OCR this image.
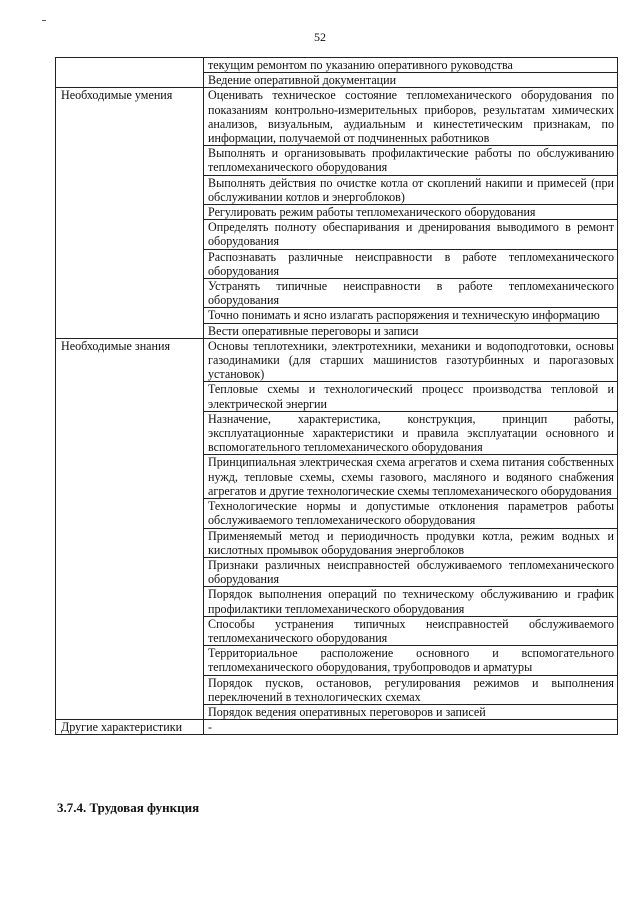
52
	текущим ремонтом по указанию оперативного руководства
	Ведение оперативной документации
Необходимые умения	Оценивать техническое состояние тепломеханического оборудования по показаниям контрольно-измерительных приборов, результатам химических анализов, визуальным, аудиальным и кинестетическим признакам, по информации, получаемой от подчиненных работников
	Выполнять и организовывать профилактические работы по обслуживанию тепломеханического оборудования
	Выполнять действия по очистке котла от скоплений накипи и примесей (при обслуживании котлов и энергоблоков)
	Регулировать режим работы тепломеханического оборудования
	Определять полноту обеспаривания и дренирования выводимого в ремонт оборудования
	Распознавать различные неисправности в работе тепломеханического оборудования
	Устранять типичные неисправности в работе тепломеханического оборудования
	Точно понимать и ясно излагать распоряжения и техническую информацию
	Вести оперативные переговоры и записи
Необходимые знания	Основы теплотехники, электротехники, механики и водоподготовки, основы газодинамики (для старших машинистов газотурбинных и парогазовых установок)
	Тепловые схемы и технологический процесс производства тепловой и электрической энергии
	Назначение, характеристика, конструкция, принцип работы, эксплуатационные характеристики и правила эксплуатации основного и вспомогательного тепломеханического оборудования
	Принципиальная электрическая схема агрегатов и схема питания собственных нужд, тепловые схемы, схемы газового, масляного и водяного снабжения агрегатов и другие технологические схемы тепломеханического оборудования
	Технологические нормы и допустимые отклонения параметров работы обслуживаемого тепломеханического оборудования
	Применяемый метод и периодичность продувки котла, режим водных и кислотных промывок оборудования энергоблоков
	Признаки различных неисправностей обслуживаемого тепломеханического оборудования
	Порядок выполнения операций по техническому обслуживанию и график профилактики тепломеханического оборудования
	Способы устранения типичных неисправностей обслуживаемого тепломеханического оборудования
	Территориальное расположение основного и вспомогательного тепломеханического оборудования, трубопроводов и арматуры
	Порядок пусков, остановов, регулирования режимов и выполнения переключений в технологических схемах
	Порядок ведения оперативных переговоров и записей
Другие характеристики	-
3.7.4. Трудовая функция
